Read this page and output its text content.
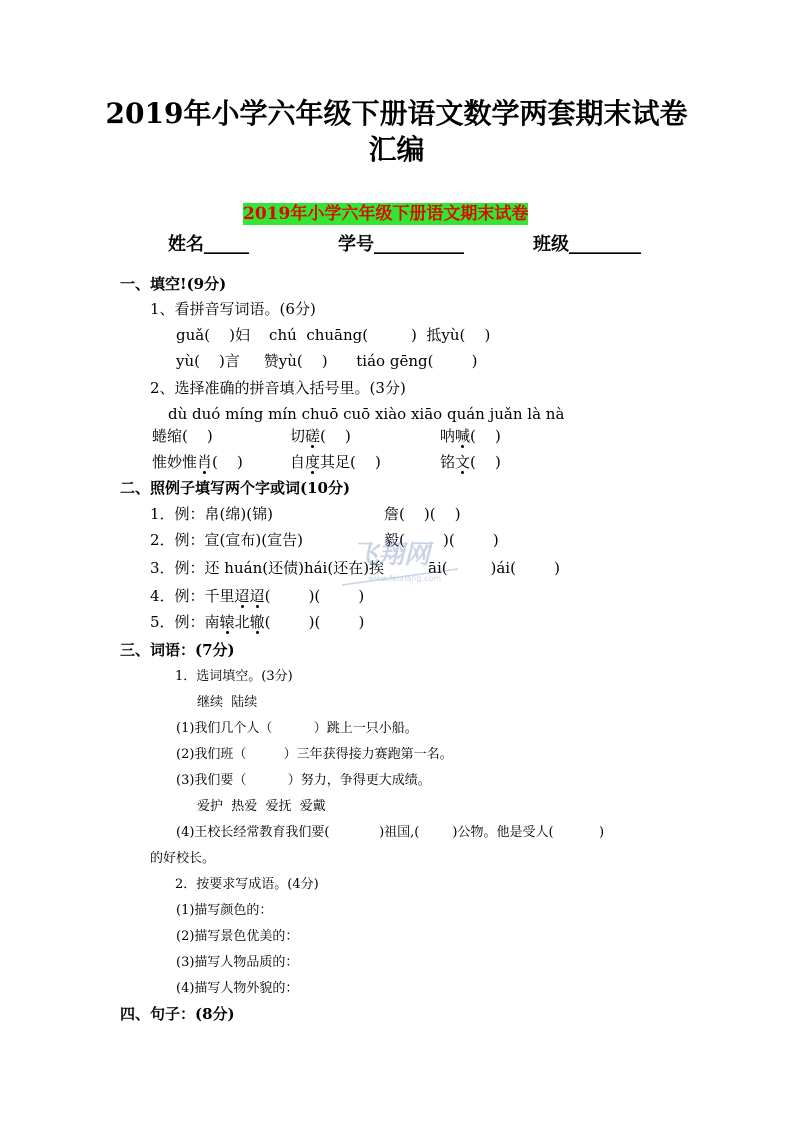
2019年小学六年级下册语文数学两套期末试卷
汇编
2019年小学六年级下册语文期末试卷
姓名_____	学号__________	班级________
一、填空!(9分)
1、看拼音写词语。(6分)
guǎ(    )妇    chú  chuāng(         )  抵yù(    )
yù(    )言     赞yù(    )      tiáo gēng(        )
2、选择准确的拼音填入括号里。(3分)
dù duó míng mín chuō cuō xiào xiāo quán juǎn là nà
蜷缩(    )	切磋(    )	呐喊(    )
惟妙惟肖(    )	自度其足(    )	铭文(    )
二、照例子填写两个字或词(10分)
1．例：帛(绵)(锦)	詹(    )(    )
2．例：宣(宣布)(宣告)	毅(        )(        )
3．例：还 huán(还债)hái(还在)挨	āi(         )ái(        )
4．例：千里迢迢(        )(        )
5．例：南辕北辙(        )(        )
三、词语：(7分)
1．选词填空。(3分)
继续  陆续
(1)我们几个人（          ）跳上一只小船。
(2)我们班（         ）三年获得接力赛跑第一名。
(3)我们要（          ）努力，争得更大成绩。
爱护  热爱  爱抚  爱戴
(4)王校长经常教育我们要(            )祖国,(        )公物。他是受人(           )
的好校长。
2．按要求写成语。(4分)
(1)描写颜色的：
(2)描写景色优美的：
(3)描写人物品质的：
(4)描写人物外貌的：
四、句子：(8分)
飞翔网
www.feixiang.com
